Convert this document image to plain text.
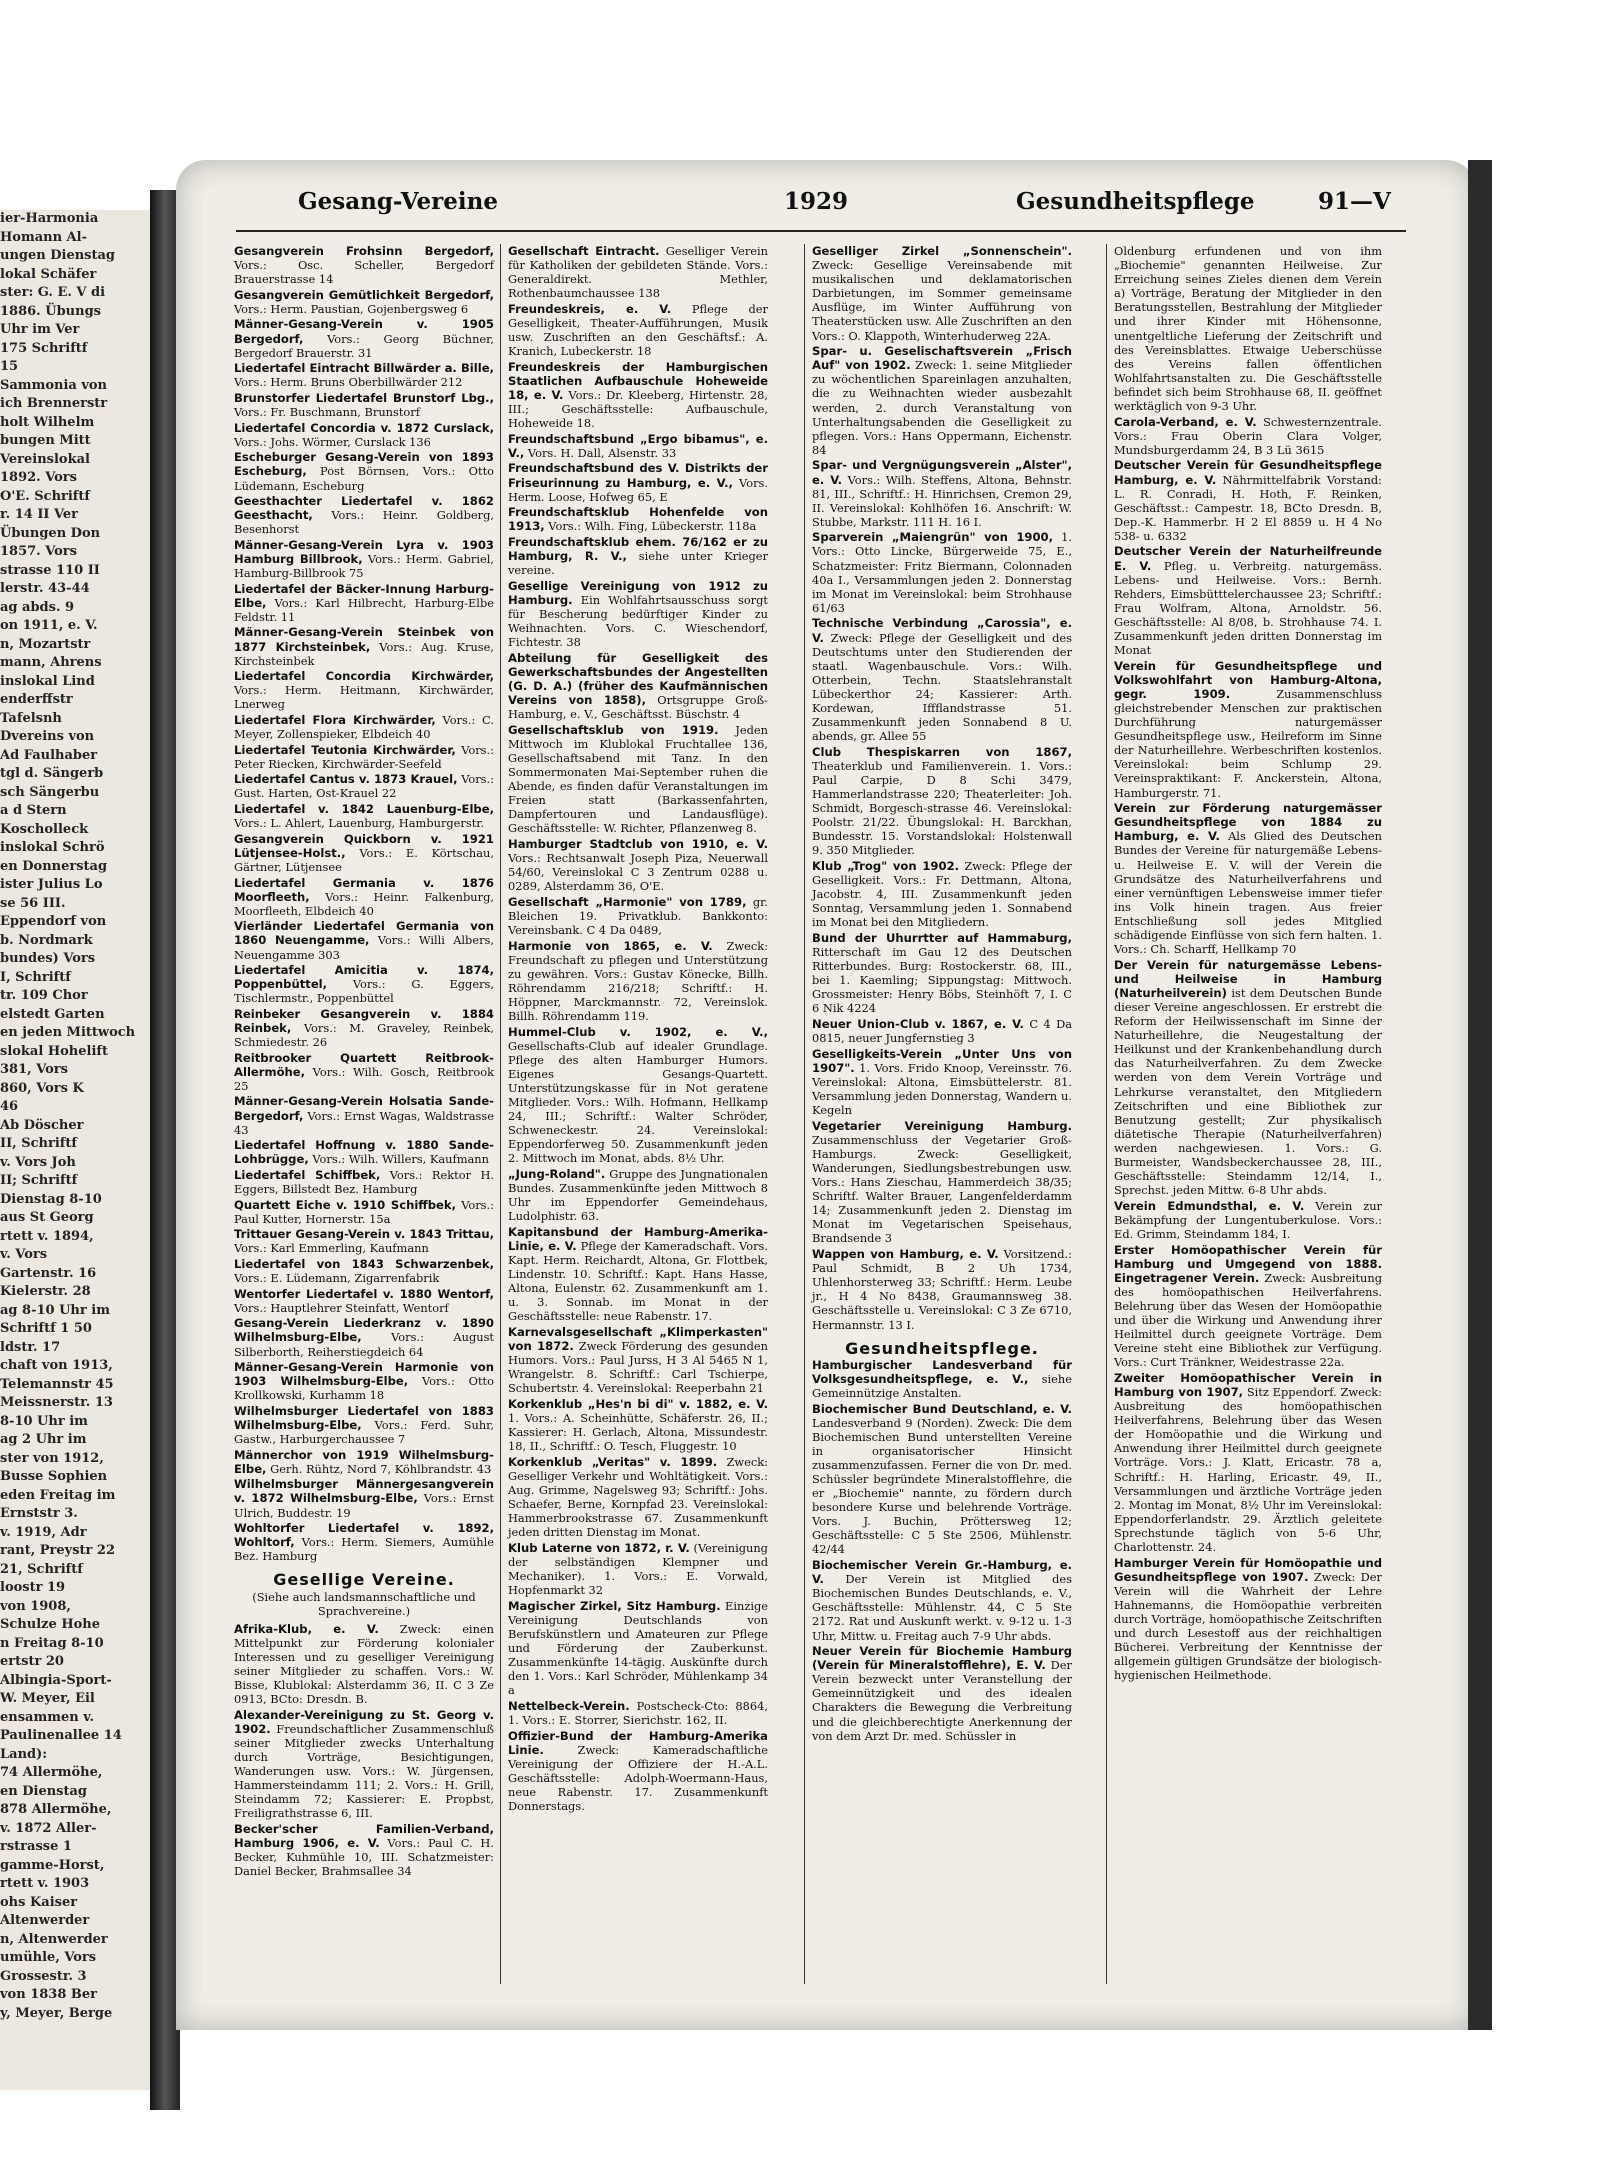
ier-Harmonia
Homann Al-
ungen Dienstag
lokal Schäfer
ster: G. E. V di
1886. Übungs
Uhr im Ver
175 Schriftf
15
Sammonia von
ich Brennerstr
holt Wilhelm
bungen Mitt
Vereinslokal
1892. Vors
O'E. Schriftf
r. 14 II Ver
Übungen Don
1857. Vors
strasse 110 II
lerstr. 43-44
ag abds. 9
on 1911, e. V.
n, Mozartstr
mann, Ahrens
inslokal Lind
enderffstr
Tafelsnh
Dvereins von
Ad Faulhaber
tgl d. Sängerb
sch Sängerbu
a d Stern
Koscholleck
inslokal Schrö
en Donnerstag
ister Julius Lo
se 56 III.
Eppendorf von
b. Nordmark
bundes) Vors
I, Schriftf
tr. 109 Chor
elstedt Garten
en jeden Mittwoch
slokal Hohelift
381, Vors
860, Vors K
46
Ab Döscher
II, Schriftf
v. Vors Joh
II; Schriftf
Dienstag 8-10
aus St Georg
rtett v. 1894,
v. Vors
Gartenstr. 16
Kielerstr. 28
ag 8-10 Uhr im
Schriftf 1 50
ldstr. 17
chaft von 1913,
Telemannstr 45
Meissnerstr. 13
8-10 Uhr im
ag 2 Uhr im
ster von 1912,
Busse Sophien
eden Freitag im
Ernststr 3.
v. 1919, Adr
rant, Preystr 22
21, Schriftf
loostr 19
von 1908,
Schulze Hohe
n Freitag 8-10
ertstr 20
Albingia-Sport-
W. Meyer, Eil
ensammen v.
Paulinenallee 14
Land):
74 Allermöhe,
en Dienstag
878 Allermöhe,
v. 1872 Aller-
rstrasse 1
gamme-Horst,
rtett v. 1903
ohs Kaiser
Altenwerder
n, Altenwerder
umühle, Vors
Grossestr. 3
von 1838 Ber
y, Meyer, Berge
Gesang-Vereine	1929	Gesundheitspflege	91—V
Gesangverein Frohsinn Bergedorf, Vors.: Osc. Scheller, Bergedorf Brauerstrasse 14
Gesangverein Gemütlichkeit Bergedorf, Vors.: Herm. Paustian, Gojenbergsweg 6
Männer-Gesang-Verein v. 1905 Bergedorf, Vors.: Georg Büchner, Bergedorf Brauerstr. 31
Liedertafel Eintracht Billwärder a. Bille, Vors.: Herm. Bruns Oberbillwärder 212
Brunstorfer Liedertafel Brunstorf Lbg., Vors.: Fr. Buschmann, Brunstorf
Liedertafel Concordia v. 1872 Curslack, Vors.: Johs. Wörmer, Curslack 136
Escheburger Gesang-Verein von 1893 Escheburg, Post Börnsen, Vors.: Otto Lüdemann, Escheburg
Geesthachter Liedertafel v. 1862 Geesthacht, Vors.: Heinr. Goldberg, Besenhorst
Männer-Gesang-Verein Lyra v. 1903 Hamburg Billbrook, Vors.: Herm. Gabriel, Hamburg-Billbrook 75
Liedertafel der Bäcker-Innung Harburg-Elbe, Vors.: Karl Hilbrecht, Harburg-Elbe Feldstr. 11
Männer-Gesang-Verein Steinbek von 1877 Kirchsteinbek, Vors.: Aug. Kruse, Kirchsteinbek
Liedertafel Concordia Kirchwärder, Vors.: Herm. Heitmann, Kirchwärder, Lnerweg
Liedertafel Flora Kirchwärder, Vors.: C. Meyer, Zollenspieker, Elbdeich 40
Liedertafel Teutonia Kirchwärder, Vors.: Peter Riecken, Kirchwärder-Seefeld
Liedertafel Cantus v. 1873 Krauel, Vors.: Gust. Harten, Ost-Krauel 22
Liedertafel v. 1842 Lauenburg-Elbe, Vors.: L. Ahlert, Lauenburg, Hamburgerstr.
Gesangverein Quickborn v. 1921 Lütjensee-Holst., Vors.: E. Körtschau, Gärtner, Lütjensee
Liedertafel Germania v. 1876 Moorfleeth, Vors.: Heinr. Falkenburg, Moorfleeth, Elbdeich 40
Vierländer Liedertafel Germania von 1860 Neuengamme, Vors.: Willi Albers, Neuengamme 303
Liedertafel Amicitia v. 1874, Poppenbüttel, Vors.: G. Eggers, Tischlermstr., Poppenbüttel
Reinbeker Gesangverein v. 1884 Reinbek, Vors.: M. Graveley, Reinbek, Schmiedestr. 26
Reitbrooker Quartett Reitbrook-Allermöhe, Vors.: Wilh. Gosch, Reitbrook 25
Männer-Gesang-Verein Holsatia Sande-Bergedorf, Vors.: Ernst Wagas, Waldstrasse 43
Liedertafel Hoffnung v. 1880 Sande-Lohbrügge, Vors.: Wilh. Willers, Kaufmann
Liedertafel Schiffbek, Vors.: Rektor H. Eggers, Billstedt Bez. Hamburg
Quartett Eiche v. 1910 Schiffbek, Vors.: Paul Kutter, Hornerstr. 15a
Trittauer Gesang-Verein v. 1843 Trittau, Vors.: Karl Emmerling, Kaufmann
Liedertafel von 1843 Schwarzenbek, Vors.: E. Lüdemann, Zigarrenfabrik
Wentorfer Liedertafel v. 1880 Wentorf, Vors.: Hauptlehrer Steinfatt, Wentorf
Gesang-Verein Liederkranz v. 1890 Wilhelmsburg-Elbe, Vors.: August Silberborth, Reiherstiegdeich 64
Männer-Gesang-Verein Harmonie von 1903 Wilhelmsburg-Elbe, Vors.: Otto Krollkowski, Kurhamm 18
Wilhelmsburger Liedertafel von 1883 Wilhelmsburg-Elbe, Vors.: Ferd. Suhr, Gastw., Harburgerchaussee 7
Männerchor von 1919 Wilhelmsburg-Elbe, Gerh. Rühtz, Nord 7, Köhlbrandstr. 43
Wilhelmsburger Männergesangverein v. 1872 Wilhelmsburg-Elbe, Vors.: Ernst Ulrich, Buddestr. 19
Wohltorfer Liedertafel v. 1892, Wohltorf, Vors.: Herm. Siemers, Aumühle Bez. Hamburg
Gesellige Vereine.
(Siehe auch landsmannschaftliche und Sprachvereine.)
Afrika-Klub, e. V. Zweck: einen Mittelpunkt zur Förderung kolonialer Interessen und zu geselliger Vereinigung seiner Mitglieder zu schaffen. Vors.: W. Bisse, Klublokal: Alsterdamm 36, II. C 3 Ze 0913, BCto: Dresdn. B.
Alexander-Vereinigung zu St. Georg v. 1902. Freundschaftlicher Zusammenschluß seiner Mitglieder zwecks Unterhaltung durch Vorträge, Besichtigungen, Wanderungen usw. Vors.: W. Jürgensen, Hammersteindamm 111; 2. Vors.: H. Grill, Steindamm 72; Kassierer: E. Propbst, Freiligrathstrasse 6, III.
Becker'scher Familien-Verband, Hamburg 1906, e. V. Vors.: Paul C. H. Becker, Kuhmühle 10, III. Schatzmeister: Daniel Becker, Brahmsallee 34
Gesellschaft Eintracht. Geselliger Verein für Katholiken der gebildeten Stände. Vors.: Generaldirekt. Methler, Rothenbaumchaussee 138
Freundeskreis, e. V. Pflege der Geselligkeit, Theater-Aufführungen, Musik usw. Zuschriften an den Geschäftsf.: A. Kranich, Lubeckerstr. 18
Freundeskreis der Hamburgischen Staatlichen Aufbauschule Hoheweide 18, e. V. Vors.: Dr. Kleeberg, Hirtenstr. 28, III.; Geschäftsstelle: Aufbauschule, Hoheweide 18.
Freundschaftsbund „Ergo bibamus", e. V., Vors. H. Dall, Alsenstr. 33
Freundschaftsbund des V. Distrikts der Friseurinnung zu Hamburg, e. V., Vors. Herm. Loose, Hofweg 65, E
Freundschaftsklub Hohenfelde von 1913, Vors.: Wilh. Fing, Lübeckerstr. 118a
Freundschaftsklub ehem. 76/162 er zu Hamburg, R. V., siehe unter Krieger vereine.
Gesellige Vereinigung von 1912 zu Hamburg. Ein Wohlfahrtsausschuss sorgt für Bescherung bedürftiger Kinder zu Weihnachten. Vors. C. Wieschendorf, Fichtestr. 38
Abteilung für Geselligkeit des Gewerkschaftsbundes der Angestellten (G. D. A.) (früher des Kaufmännischen Vereins von 1858), Ortsgruppe Groß-Hamburg, e. V., Geschäftsst. Büschstr. 4
Gesellschaftsklub von 1919. Jeden Mittwoch im Klublokal Fruchtallee 136, Gesellschaftsabend mit Tanz. In den Sommermonaten Mai-September ruhen die Abende, es finden dafür Veranstaltungen im Freien statt (Barkassenfahrten, Dampfertouren und Landausflüge). Geschäftsstelle: W. Richter, Pflanzenweg 8.
Hamburger Stadtclub von 1910, e. V. Vors.: Rechtsanwalt Joseph Piza, Neuerwall 54/60, Vereinslokal C 3 Zentrum 0288 u. 0289, Alsterdamm 36, O'E.
Gesellschaft „Harmonie" von 1789, gr. Bleichen 19. Privatklub. Bankkonto: Vereinsbank. C 4 Da 0489,
Harmonie von 1865, e. V. Zweck: Freundschaft zu pflegen und Unterstützung zu gewähren. Vors.: Gustav Könecke, Billh. Röhrendamm 216/218; Schriftf.: H. Höppner, Marckmannstr. 72, Vereinslok. Billh. Röhrendamm 119.
Hummel-Club v. 1902, e. V., Gesellschafts-Club auf idealer Grundlage. Pflege des alten Hamburger Humors. Eigenes Gesangs-Quartett. Unterstützungskasse für in Not geratene Mitglieder. Vors.: Wilh. Hofmann, Hellkamp 24, III.; Schriftf.: Walter Schröder, Schweneckestr. 24. Vereinslokal: Eppendorferweg 50. Zusammenkunft jeden 2. Mittwoch im Monat, abds. 8½ Uhr.
„Jung-Roland". Gruppe des Jungnationalen Bundes. Zusammenkünfte jeden Mittwoch 8 Uhr im Eppendorfer Gemeindehaus, Ludolphistr. 63.
Kapitansbund der Hamburg-Amerika-Linie, e. V. Pflege der Kameradschaft. Vors. Kapt. Herm. Reichardt, Altona, Gr. Flottbek, Lindenstr. 10. Schriftf.: Kapt. Hans Hasse, Altona, Eulenstr. 62. Zusammenkunft am 1. u. 3. Sonnab. im Monat in der Geschäftsstelle: neue Rabenstr. 17.
Karnevalsgesellschaft „Klimperkasten" von 1872. Zweck Förderung des gesunden Humors. Vors.: Paul Jurss, H 3 Al 5465 N 1, Wrangelstr. 8. Schriftf.: Carl Tschierpe, Schubertstr. 4. Vereinslokal: Reeperbahn 21
Korkenklub „Hes'n bi di" v. 1882, e. V. 1. Vors.: A. Scheinhütte, Schäferstr. 26, II.; Kassierer: H. Gerlach, Altona, Missundestr. 18, II., Schriftf.: O. Tesch, Fluggestr. 10
Korkenklub „Veritas" v. 1899. Zweck: Geselliger Verkehr und Wohltätigkeit. Vors.: Aug. Grimme, Nagelsweg 93; Schriftf.: Johs. Schaefer, Berne, Kornpfad 23. Vereinslokal: Hammerbrookstrasse 67. Zusammenkunft jeden dritten Dienstag im Monat.
Klub Laterne von 1872, r. V. (Vereinigung der selbständigen Klempner und Mechaniker). 1. Vors.: E. Vorwald, Hopfenmarkt 32
Magischer Zirkel, Sitz Hamburg. Einzige Vereinigung Deutschlands von Berufskünstlern und Amateuren zur Pflege und Förderung der Zauberkunst. Zusammenkünfte 14-tägig. Auskünfte durch den 1. Vors.: Karl Schröder, Mühlenkamp 34 a
Nettelbeck-Verein. Postscheck-Cto: 8864, 1. Vors.: E. Storrer, Sierichstr. 162, II.
Offizier-Bund der Hamburg-Amerika Linie. Zweck: Kameradschaftliche Vereinigung der Offiziere der H.-A.L. Geschäftsstelle: Adolph-Woermann-Haus, neue Rabenstr. 17. Zusammenkunft Donnerstags.
Geselliger Zirkel „Sonnenschein". Zweck: Gesellige Vereinsabende mit musikalischen und deklamatorischen Darbietungen, im Sommer gemeinsame Ausflüge, im Winter Aufführung von Theaterstücken usw. Alle Zuschriften an den Vors.: O. Klappoth, Winterhuderweg 22A.
Spar- u. Geselischaftsverein „Frisch Auf" von 1902. Zweck: 1. seine Mitglieder zu wöchentlichen Spareinlagen anzuhalten, die zu Weihnachten wieder ausbezahlt werden, 2. durch Veranstaltung von Unterhaltungsabenden die Geselligkeit zu pflegen. Vors.: Hans Oppermann, Eichenstr. 84
Spar- und Vergnügungsverein „Alster", e. V. Vors.: Wilh. Steffens, Altona, Behnstr. 81, III., Schriftf.: H. Hinrichsen, Cremon 29, II. Vereinslokal: Kohlhöfen 16. Anschrift: W. Stubbe, Markstr. 111 H. 16 I.
Sparverein „Maiengrün" von 1900, 1. Vors.: Otto Lincke, Bürgerweide 75, E., Schatzmeister: Fritz Biermann, Colonnaden 40a I., Versammlungen jeden 2. Donnerstag im Monat im Vereinslokal: beim Strohhause 61/63
Technische Verbindung „Carossia", e. V. Zweck: Pflege der Geselligkeit und des Deutschtums unter den Studierenden der staatl. Wagenbauschule. Vors.: Wilh. Otterbein, Techn. Staatslehranstalt Lübeckerthor 24; Kassierer: Arth. Kordewan, Iffflandstrasse 51. Zusammenkunft jeden Sonnabend 8 U. abends, gr. Allee 55
Club Thespiskarren von 1867, Theaterklub und Familienverein. 1. Vors.: Paul Carpie, D 8 Schi 3479, Hammerlandstrasse 220; Theaterleiter: Joh. Schmidt, Borgesch-strasse 46. Vereinslokal: Poolstr. 21/22. Übungslokal: H. Barckhan, Bundesstr. 15. Vorstandslokal: Holstenwall 9. 350 Mitglieder.
Klub „Trog" von 1902. Zweck: Pflege der Geselligkeit. Vors.: Fr. Dettmann, Altona, Jacobstr. 4, III. Zusammenkunft jeden Sonntag, Versammlung jeden 1. Sonnabend im Monat bei den Mitgliedern.
Bund der Uhurrtter auf Hammaburg, Ritterschaft im Gau 12 des Deutschen Ritterbundes. Burg: Rostockerstr. 68, III., bei 1. Kaemling; Sippungstag: Mittwoch. Grossmeister: Henry Böbs, Steinhöft 7, I. C 6 Nik 4224
Neuer Union-Club v. 1867, e. V. C 4 Da 0815, neuer Jungfernstieg 3
Geselligkeits-Verein „Unter Uns von 1907". 1. Vors. Frido Knoop, Vereinsstr. 76. Vereinslokal: Altona, Eimsbüttelerstr. 81. Versammlung jeden Donnerstag, Wandern u. Kegeln
Vegetarier Vereinigung Hamburg. Zusammenschluss der Vegetarier Groß-Hamburgs. Zweck: Geselligkeit, Wanderungen, Siedlungsbestrebungen usw. Vors.: Hans Zieschau, Hammerdeich 38/35; Schriftf. Walter Brauer, Langenfelderdamm 14; Zusammenkunft jeden 2. Dienstag im Monat im Vegetarischen Speisehaus, Brandsende 3
Wappen von Hamburg, e. V. Vorsitzend.: Paul Schmidt, B 2 Uh 1734, Uhlenhorsterweg 33; Schriftf.: Herm. Leube jr., H 4 No 8438, Graumannsweg 38. Geschäftsstelle u. Vereinslokal: C 3 Ze 6710, Hermannstr. 13 I.
Gesundheitspflege.
Hamburgischer Landesverband für Volksgesundheitspflege, e. V., siehe Gemeinnützige Anstalten.
Biochemischer Bund Deutschland, e. V. Landesverband 9 (Norden). Zweck: Die dem Biochemischen Bund unterstellten Vereine in organisatorischer Hinsicht zusammenzufassen. Ferner die von Dr. med. Schüssler begründete Mineralstofflehre, die er „Biochemie" nannte, zu fördern durch besondere Kurse und belehrende Vorträge. Vors. J. Buchin, Pröttersweg 12; Geschäftsstelle: C 5 Ste 2506, Mühlenstr. 42/44
Biochemischer Verein Gr.-Hamburg, e. V. Der Verein ist Mitglied des Biochemischen Bundes Deutschlands, e. V., Geschäftsstelle: Mühlenstr. 44, C 5 Ste 2172. Rat und Auskunft werkt. v. 9-12 u. 1-3 Uhr, Mittw. u. Freitag auch 7-9 Uhr abds.
Neuer Verein für Biochemie Hamburg (Verein für Mineralstofflehre), E. V. Der Verein bezweckt unter Veranstellung der Gemeinnützigkeit und des idealen Charakters die Bewegung die Verbreitung und die gleichberechtigte Anerkennung der von dem Arzt Dr. med. Schüssler in
Oldenburg erfundenen und von ihm „Biochemie" genannten Heilweise. Zur Erreichung seines Zieles dienen dem Verein a) Vorträge, Beratung der Mitglieder in den Beratungsstellen, Bestrahlung der Mitglieder und ihrer Kinder mit Höhensonne, unentgeltliche Lieferung der Zeitschrift und des Vereinsblattes. Etwaige Ueberschüsse des Vereins fallen öffentlichen Wohlfahrtsanstalten zu. Die Geschäftsstelle befindet sich beim Strohhause 68, II. geöffnet werktäglich von 9-3 Uhr.
Carola-Verband, e. V. Schwesternzentrale. Vors.: Frau Oberin Clara Volger, Mundsburgerdamm 24, B 3 Lü 3615
Deutscher Verein für Gesundheitspflege Hamburg, e. V. Nährmittelfabrik Vorstand: L. R. Conradi, H. Hoth, F. Reinken, Geschäftsst.: Campestr. 18, BCto Dresdn. B, Dep.-K. Hammerbr. H 2 El 8859 u. H 4 No 538- u. 6332
Deutscher Verein der Naturheilfreunde E. V. Pfleg. u. Verbreitg. naturgemäss. Lebens- und Heilweise. Vors.: Bernh. Rehders, Eimsbütttelerchaussee 23; Schriftf.: Frau Wolfram, Altona, Arnoldstr. 56. Geschäftsstelle: Al 8/08, b. Strohhause 74. I. Zusammenkunft jeden dritten Donnerstag im Monat
Verein für Gesundheitspflege und Volkswohlfahrt von Hamburg-Altona, gegr. 1909. Zusammenschluss gleichstrebender Menschen zur praktischen Durchführung naturgemässer Gesundheitspflege usw., Heilreform im Sinne der Naturheillehre. Werbeschriften kostenlos. Vereinslokal: beim Schlump 29. Vereinspraktikant: F. Anckerstein, Altona, Hamburgerstr. 71.
Verein zur Förderung naturgemässer Gesundheitspflege von 1884 zu Hamburg, e. V. Als Glied des Deutschen Bundes der Vereine für naturgemäße Lebens- u. Heilweise E. V. will der Verein die Grundsätze des Naturheilverfahrens und einer vernünftigen Lebensweise immer tiefer ins Volk hinein tragen. Aus freier Entschließung soll jedes Mitglied schädigende Einflüsse von sich fern halten. 1. Vors.: Ch. Scharff, Hellkamp 70
Der Verein für naturgemässe Lebens- und Heilweise in Hamburg (Naturheilverein) ist dem Deutschen Bunde dieser Vereine angeschlossen. Er erstrebt die Reform der Heilwissenschaft im Sinne der Naturheillehre, die Neugestaltung der Heilkunst und der Krankenbehandlung durch das Naturheilverfahren. Zu dem Zwecke werden von dem Verein Vorträge und Lehrkurse veranstaltet, den Mitgliedern Zeitschriften und eine Bibliothek zur Benutzung gestellt; Zur physikalisch diätetische Therapie (Naturheilverfahren) werden nachgewiesen. 1. Vors.: G. Burmeister, Wandsbeckerchaussee 28, III., Geschäftsstelle: Steindamm 12/14, I., Sprechst. jeden Mittw. 6-8 Uhr abds.
Verein Edmundsthal, e. V. Verein zur Bekämpfung der Lungentuberkulose. Vors.: Ed. Grimm, Steindamm 184, I.
Erster Homöopathischer Verein für Hamburg und Umgegend von 1888. Eingetragener Verein. Zweck: Ausbreitung des homöopathischen Heilverfahrens. Belehrung über das Wesen der Homöopathie und über die Wirkung und Anwendung ihrer Heilmittel durch geeignete Vorträge. Dem Vereine steht eine Bibliothek zur Verfügung. Vors.: Curt Tränkner, Weidestrasse 22a.
Zweiter Homöopathischer Verein in Hamburg von 1907, Sitz Eppendorf. Zweck: Ausbreitung des homöopathischen Heilverfahrens, Belehrung über das Wesen der Homöopathie und die Wirkung und Anwendung ihrer Heilmittel durch geeignete Vorträge. Vors.: J. Klatt, Ericastr. 78 a, Schriftf.: H. Harling, Ericastr. 49, II., Versammlungen und ärztliche Vorträge jeden 2. Montag im Monat, 8½ Uhr im Vereinslokal: Eppendorferlandstr. 29. Ärztlich geleitete Sprechstunde täglich von 5-6 Uhr, Charlottenstr. 24.
Hamburger Verein für Homöopathie und Gesundheitspflege von 1907. Zweck: Der Verein will die Wahrheit der Lehre Hahnemanns, die Homöopathie verbreiten durch Vorträge, homöopathische Zeitschriften und durch Lesestoff aus der reichhaltigen Bücherei. Verbreitung der Kenntnisse der allgemein gültigen Grundsätze der biologisch-hygienischen Heilmethode.
